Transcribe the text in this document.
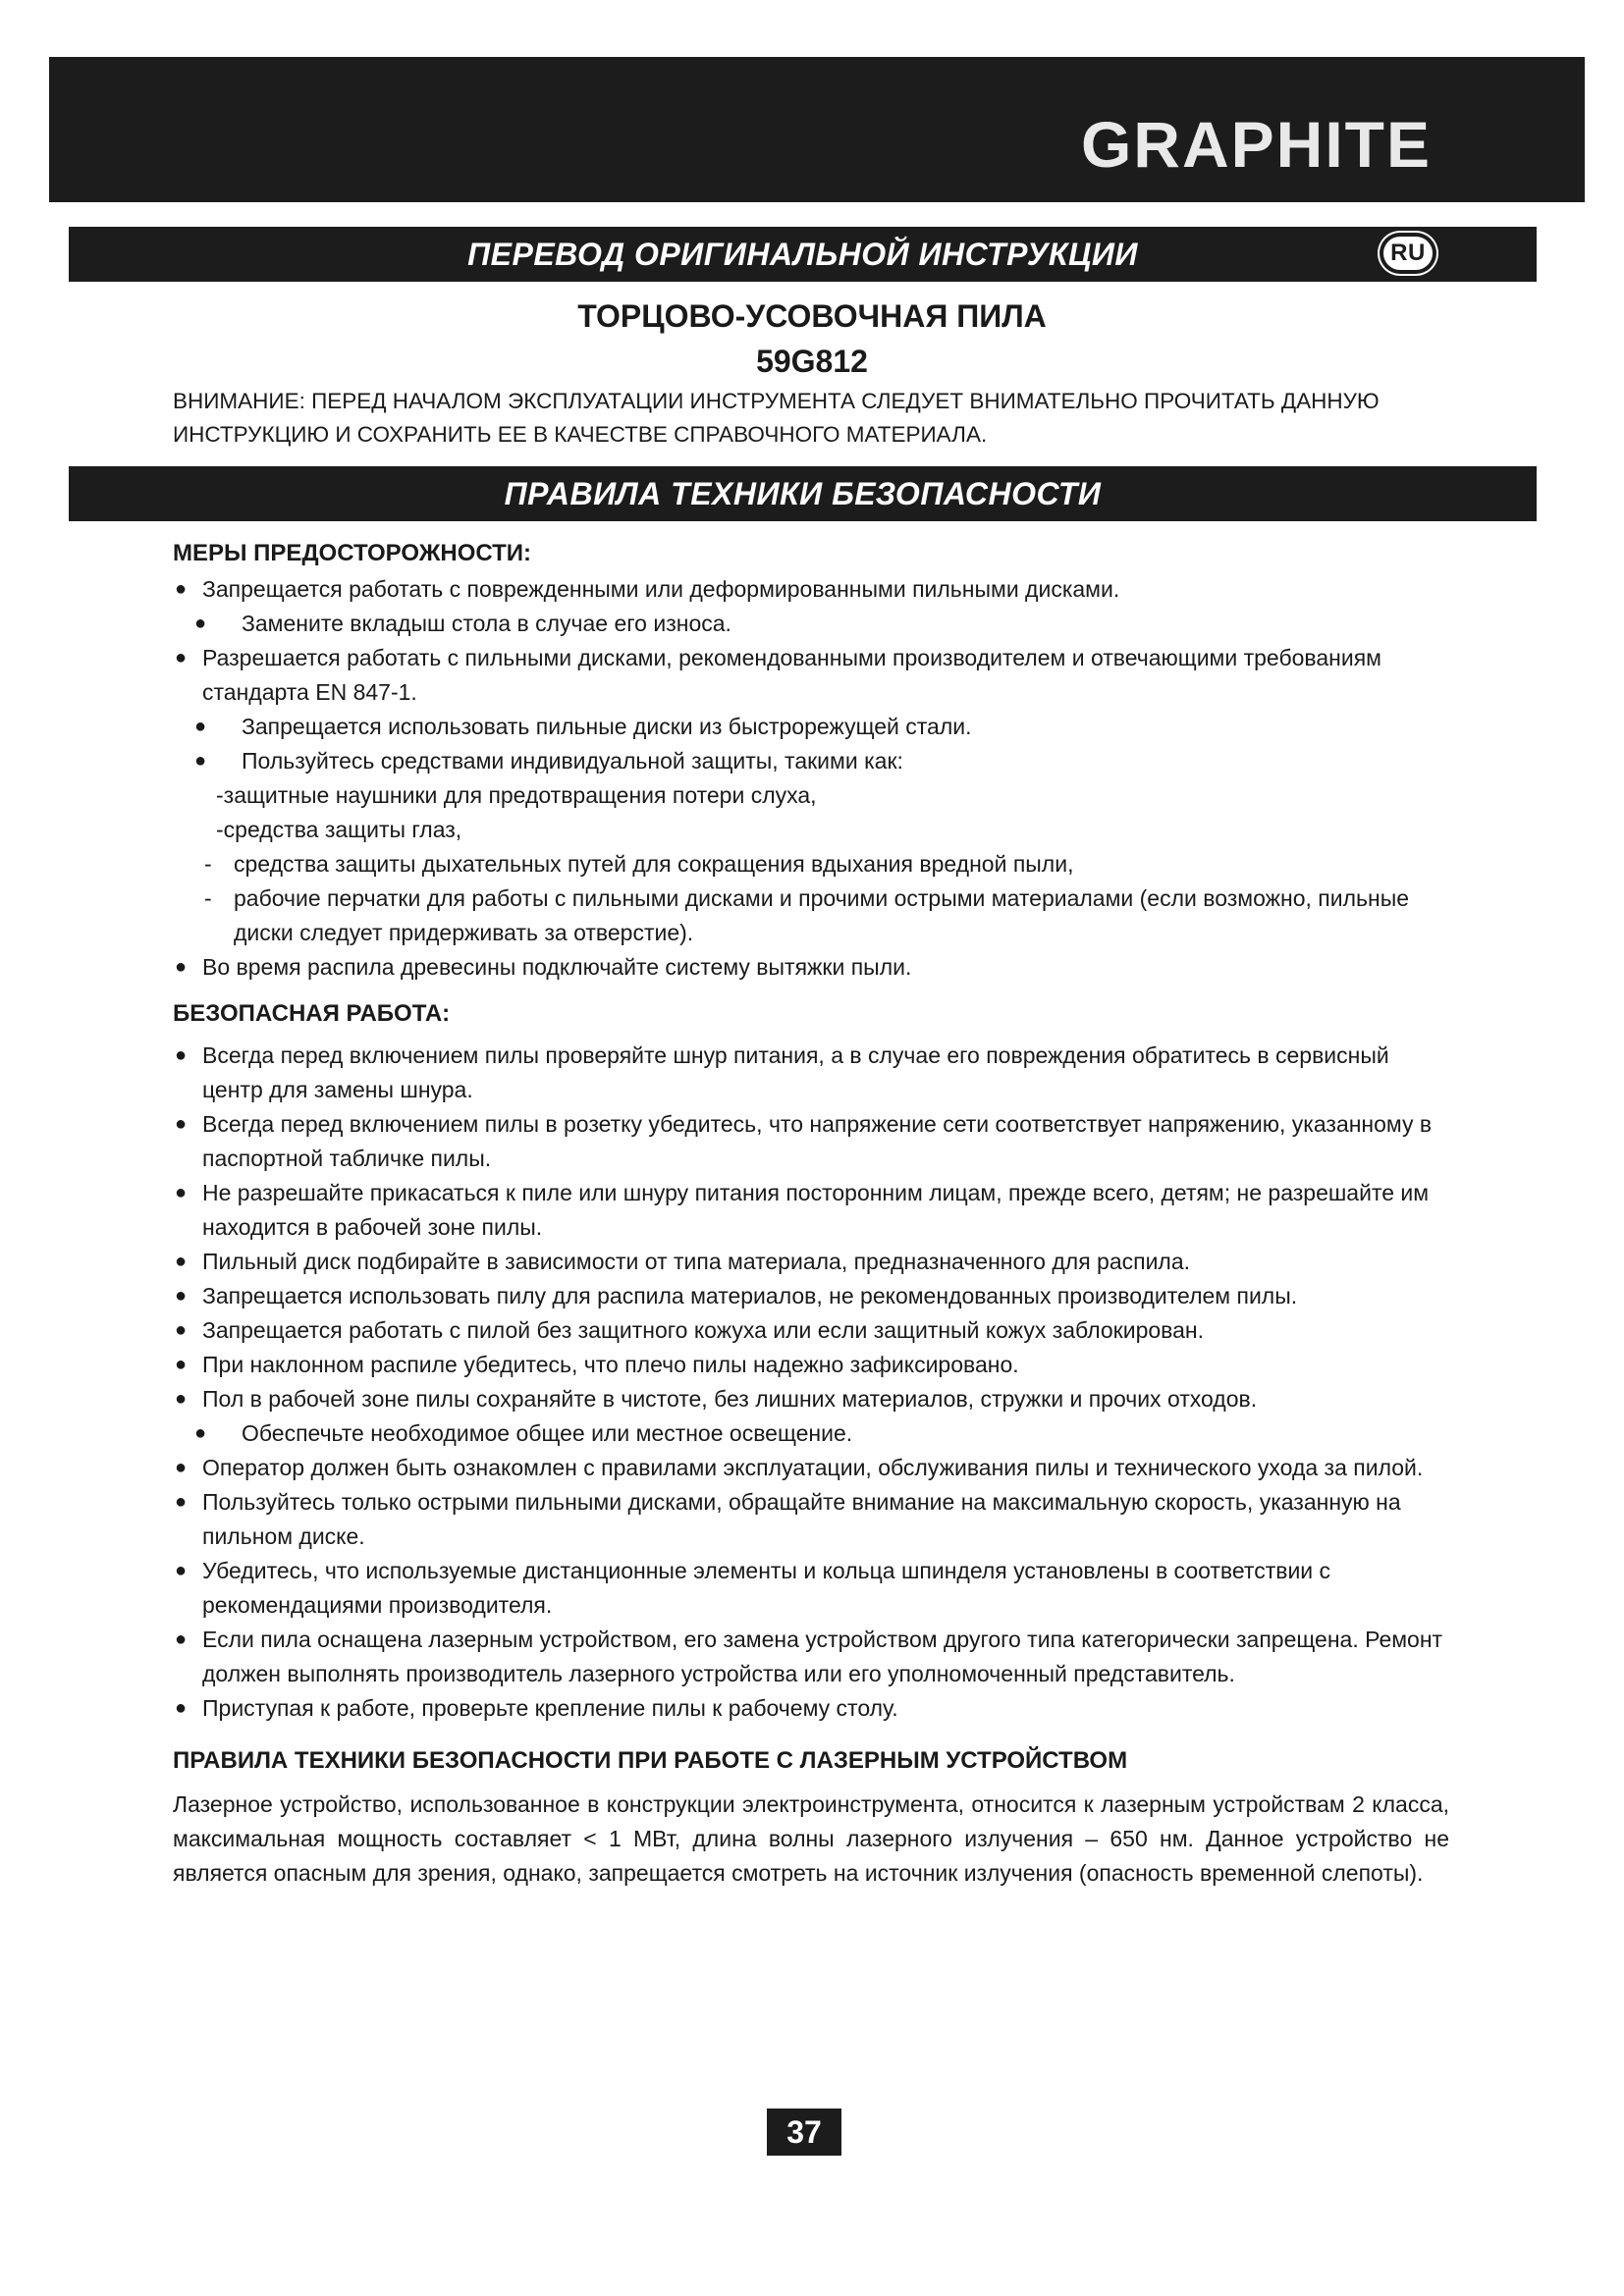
GRAPHITE
ПЕРЕВОД ОРИГИНАЛЬНОЙ ИНСТРУКЦИИ	RU
ТОРЦОВО-УСОВОЧНАЯ ПИЛА
59G812
ВНИМАНИЕ: ПЕРЕД НАЧАЛОМ ЭКСПЛУАТАЦИИ ИНСТРУМЕНТА СЛЕДУЕТ ВНИМАТЕЛЬНО ПРОЧИТАТЬ ДАННУЮ ИНСТРУКЦИЮ И СОХРАНИТЬ ЕЕ В КАЧЕСТВЕ СПРАВОЧНОГО МАТЕРИАЛА.
ПРАВИЛА ТЕХНИКИ БЕЗОПАСНОСТИ
МЕРЫ ПРЕДОСТОРОЖНОСТИ:
● Запрещается работать с поврежденными или деформированными пильными дисками.
● Замените вкладыш стола в случае его износа.
● Разрешается работать с пильными дисками, рекомендованными производителем и отвечающими требованиям стандарта EN 847-1.
● Запрещается использовать пильные диски из быстрорежущей стали.
● Пользуйтесь средствами индивидуальной защиты, такими как:
-защитные наушники для предотвращения потери слуха,
-средства защиты глаз,
- средства защиты дыхательных путей для сокращения вдыхания вредной пыли,
- рабочие перчатки для работы с пильными дисками и прочими острыми материалами (если возможно, пильные диски следует придерживать за отверстие).
● Во время распила древесины подключайте систему вытяжки пыли.
БЕЗОПАСНАЯ РАБОТА:
● Всегда перед включением пилы проверяйте шнур питания, а в случае его повреждения обратитесь в сервисный центр для замены шнура.
● Всегда перед включением пилы в розетку убедитесь, что напряжение сети соответствует напряжению, указанному в паспортной табличке пилы.
● Не разрешайте прикасаться к пиле или шнуру питания посторонним лицам, прежде всего, детям; не разрешайте им находится в рабочей зоне пилы.
● Пильный диск подбирайте в зависимости от типа материала, предназначенного для распила.
● Запрещается использовать пилу для распила материалов, не рекомендованных производителем пилы.
● Запрещается работать с пилой без защитного кожуха или если защитный кожух заблокирован.
● При наклонном распиле убедитесь, что плечо пилы надежно зафиксировано.
● Пол в рабочей зоне пилы сохраняйте в чистоте, без лишних материалов, стружки и прочих отходов.
● Обеспечьте необходимое общее или местное освещение.
● Оператор должен быть ознакомлен с правилами эксплуатации, обслуживания пилы и технического ухода за пилой.
● Пользуйтесь только острыми пильными дисками, обращайте внимание на максимальную скорость, указанную на пильном диске.
● Убедитесь, что используемые дистанционные элементы и кольца шпинделя установлены в соответствии с рекомендациями производителя.
● Если пила оснащена лазерным устройством, его замена устройством другого типа категорически запрещена. Ремонт должен выполнять производитель лазерного устройства или его уполномоченный представитель.
● Приступая к работе, проверьте крепление пилы к рабочему столу.
ПРАВИЛА ТЕХНИКИ БЕЗОПАСНОСТИ ПРИ РАБОТЕ С ЛАЗЕРНЫМ УСТРОЙСТВОМ
Лазерное устройство, использованное в конструкции электроинструмента, относится к лазерным устройствам 2 класса, максимальная мощность составляет < 1 МВт, длина волны лазерного излучения – 650 нм. Данное устройство не является опасным для зрения, однако, запрещается смотреть на источник излучения (опасность временной слепоты).
37
